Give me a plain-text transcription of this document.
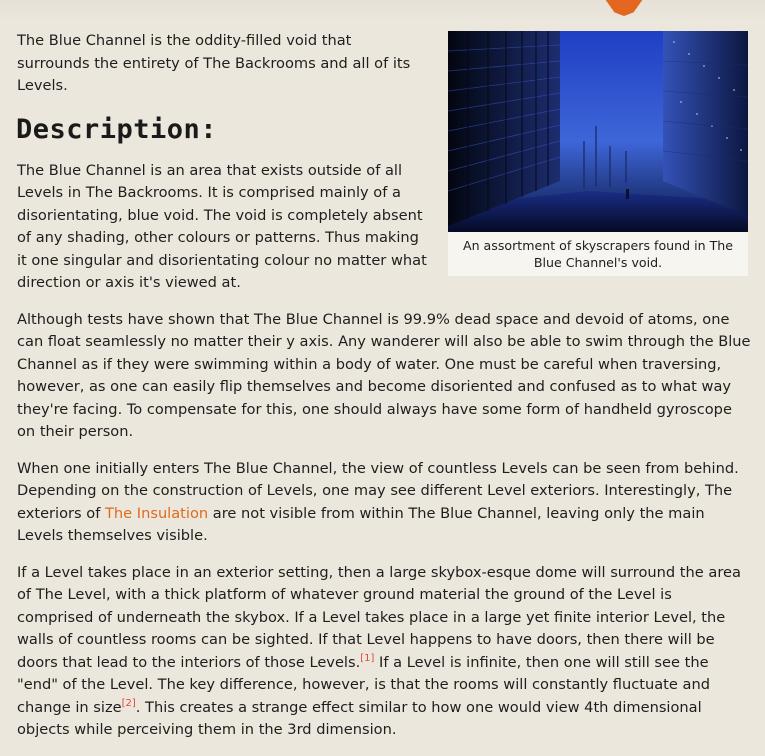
An assortment of skyscrapers found in The Blue Channel's void.

The Blue Channel is the oddity-filled void that surrounds the entirety of The Backrooms and all of its Levels.

Description:

The Blue Channel is an area that exists outside of all Levels in The Backrooms. It is comprised mainly of a disorientating, blue void. The void is completely absent of any shading, other colours or patterns. Thus making it one singular and disorientating colour no matter what direction or axis it's viewed at.

Although tests have shown that The Blue Channel is 99.9% dead space and devoid of atoms, one can float seamlessly no matter their y axis. Any wanderer will also be able to swim through the Blue Channel as if they were swimming within a body of water. One must be careful when traversing, however, as one can easily flip themselves and become disoriented and confused as to what way they're facing. To compensate for this, one should always have some form of handheld gyroscope on their person.

When one initially enters The Blue Channel, the view of countless Levels can be seen from behind. Depending on the construction of Levels, one may see different Level exteriors. Interestingly, The exteriors of The Insulation are not visible from within The Blue Channel, leaving only the main Levels themselves visible.

If a Level takes place in an exterior setting, then a large skybox-esque dome will surround the area of The Level, with a thick platform of whatever ground material the ground of the Level is comprised of underneath the skybox. If a Level takes place in a large yet finite interior Level, the walls of countless rooms can be sighted. If that Level happens to have doors, then there will be doors that lead to the interiors of those Levels.[1] If a Level is infinite, then one will still see the "end" of the Level. The key difference, however, is that the rooms will constantly fluctuate and change in size[2]. This creates a strange effect similar to how one would view 4th dimensional objects while perceiving them in the 3rd dimension.
